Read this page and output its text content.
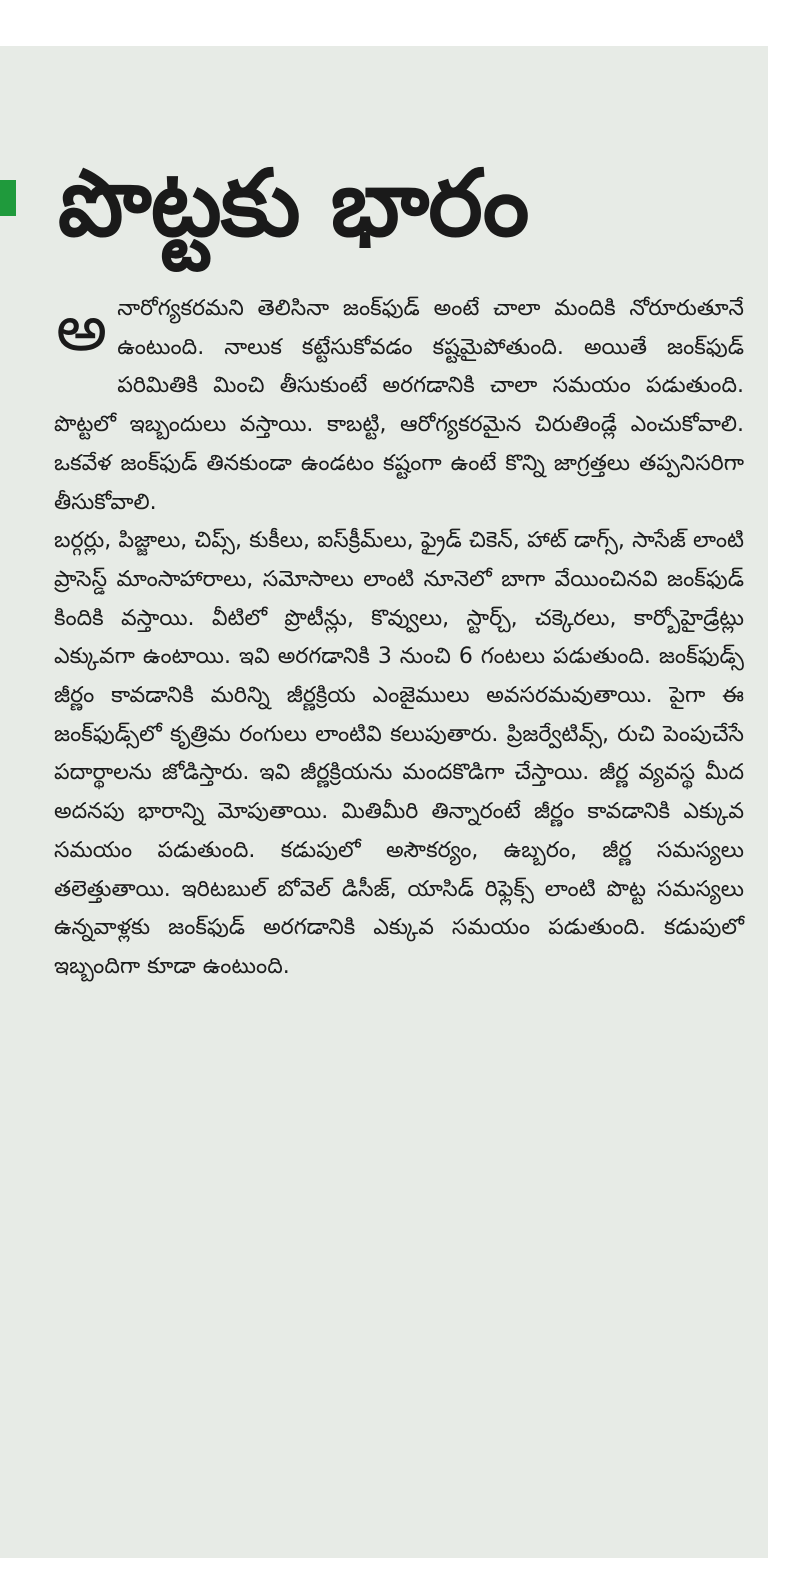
పొట్టకు భారం
అ నారోగ్యకరమని తెలిసినా జంక్‌ఫుడ్ అంటే చాలా మందికి నోరూరుతూనే ఉంటుంది. నాలుక కట్టేసుకోవడం కష్టమైపోతుంది. అయితే జంక్‌ఫుడ్ పరిమితికి మించి తీసుకుంటే అరగడానికి చాలా సమయం పడుతుంది. పొట్టలో ఇబ్బందులు వస్తాయి. కాబట్టి, ఆరోగ్యకరమైన చిరుతిండ్లే ఎంచుకోవాలి. ఒకవేళ జంక్‌ఫుడ్ తినకుండా ఉండటం కష్టంగా ఉంటే కొన్ని జాగ్రత్తలు తప్పనిసరిగా తీసుకోవాలి.

బర్గర్లు, పిజ్జాలు, చిప్స్, కుకీలు, ఐస్‌క్రీమ్‌లు, ఫ్రైడ్ చికెన్, హాట్ డాగ్స్, సాసేజ్ లాంటి ప్రాసెస్డ్ మాంసాహారాలు, సమోసాలు లాంటి నూనెలో బాగా వేయించినవి జంక్‌ఫుడ్ కిందికి వస్తాయి. వీటిలో ప్రొటీన్లు, కొవ్వులు, స్టార్చ్, చక్కెరలు, కార్బోహైడ్రేట్లు ఎక్కువగా ఉంటాయి. ఇవి అరగడానికి 3 నుంచి 6 గంటలు పడుతుంది. జంక్‌ఫుడ్స్ జీర్ణం కావడానికి మరిన్ని జీర్ణక్రియ ఎంజైములు అవసరమవుతాయి. పైగా ఈ జంక్‌ఫుడ్స్‌లో కృత్రిమ రంగులు లాంటివి కలుపుతారు. ప్రిజర్వేటివ్స్, రుచి పెంపుచేసే పదార్థాలను జోడిస్తారు. ఇవి జీర్ణక్రియను మందకొడిగా చేస్తాయి. జీర్ణ వ్యవస్థ మీద అదనపు భారాన్ని మోపుతాయి. మితిమీరి తిన్నారంటే జీర్ణం కావడానికి ఎక్కువ సమయం పడుతుంది. కడుపులో అసౌకర్యం, ఉబ్బరం, జీర్ణ సమస్యలు తలెత్తుతాయి. ఇరిటబుల్ బోవెల్ డిసీజ్, యాసిడ్ రిఫ్లెక్స్ లాంటి పొట్ట సమస్యలు ఉన్నవాళ్లకు జంక్‌ఫుడ్ అరగడానికి ఎక్కువ సమయం పడుతుంది. కడుపులో ఇబ్బందిగా కూడా ఉంటుంది.
